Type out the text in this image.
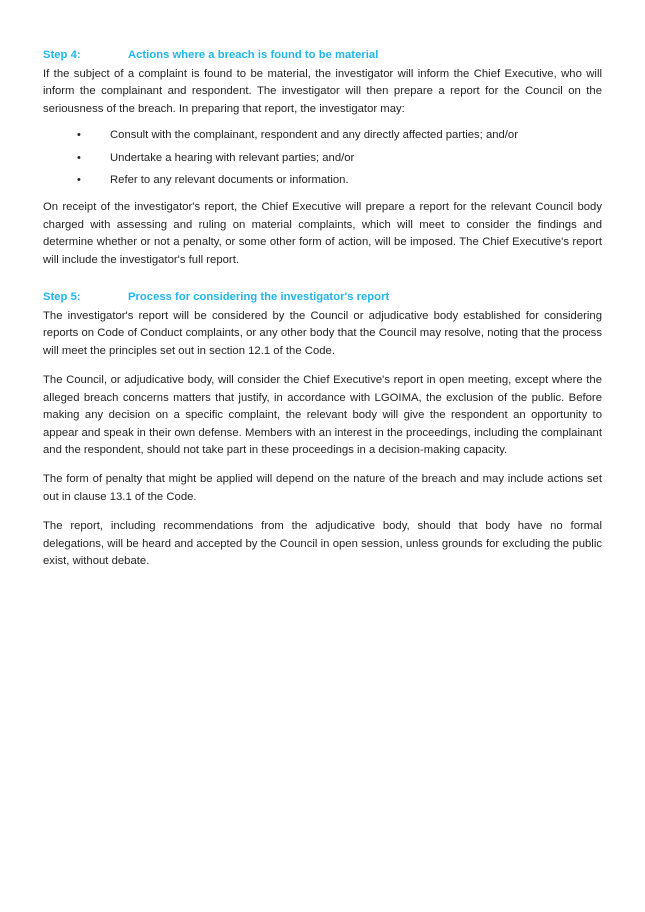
Step 4:	Actions where a breach is found to be material

If the subject of a complaint is found to be material, the investigator will inform the Chief Executive, who will inform the complainant and respondent. The investigator will then prepare a report for the Council on the seriousness of the breach. In preparing that report, the investigator may:

•	Consult with the complainant, respondent and any directly affected parties; and/or
•	Undertake a hearing with relevant parties; and/or
•	Refer to any relevant documents or information.

On receipt of the investigator's report, the Chief Executive will prepare a report for the relevant Council body charged with assessing and ruling on material complaints, which will meet to consider the findings and determine whether or not a penalty, or some other form of action, will be imposed. The Chief Executive's report will include the investigator's full report.

Step 5:	Process for considering the investigator's report

The investigator's report will be considered by the Council or adjudicative body established for considering reports on Code of Conduct complaints, or any other body that the Council may resolve, noting that the process will meet the principles set out in section 12.1 of the Code.

The Council, or adjudicative body, will consider the Chief Executive's report in open meeting, except where the alleged breach concerns matters that justify, in accordance with LGOIMA, the exclusion of the public. Before making any decision on a specific complaint, the relevant body will give the respondent an opportunity to appear and speak in their own defense. Members with an interest in the proceedings, including the complainant and the respondent, should not take part in these proceedings in a decision-making capacity.

The form of penalty that might be applied will depend on the nature of the breach and may include actions set out in clause 13.1 of the Code.

The report, including recommendations from the adjudicative body, should that body have no formal delegations, will be heard and accepted by the Council in open session, unless grounds for excluding the public exist, without debate.
